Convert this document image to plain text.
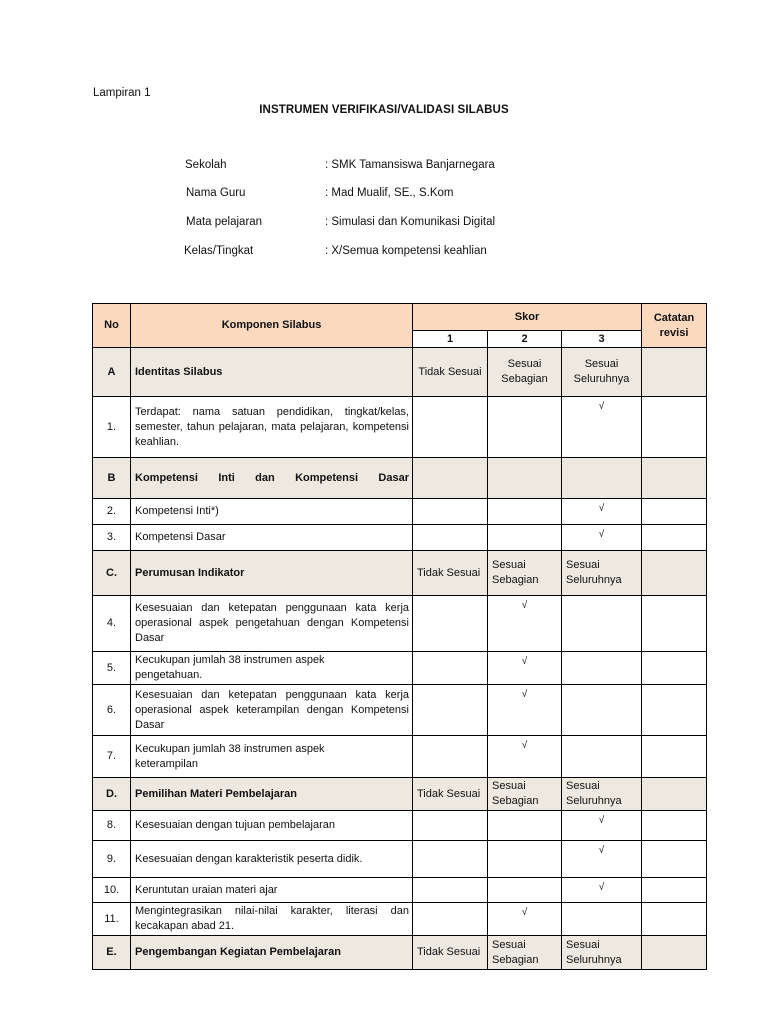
Lampiran 1
INSTRUMEN VERIFIKASI/VALIDASI SILABUS
Sekolah	: SMK Tamansiswa Banjarnegara
Nama Guru	: Mad Mualif, SE., S.Kom
Mata pelajaran	: Simulasi dan Komunikasi Digital
Kelas/Tingkat	: X/Semua kompetensi keahlian
No	Komponen Silabus	Skor			Catatan revisi
		1	2	3	
A	Identitas Silabus	Tidak Sesuai	Sesuai Sebagian	Sesuai Seluruhnya	
1.	Terdapat: nama satuan pendidikan, tingkat/kelas, semester, tahun pelajaran, mata pelajaran, kompetensi keahlian.			√	
B	Kompetensi Inti dan Kompetensi Dasar				
2.	Kompetensi Inti*)			√	
3.	Kompetensi Dasar			√	
C.	Perumusan Indikator	Tidak Sesuai	Sesuai Sebagian	Sesuai Seluruhnya	
4.	Kesesuaian dan ketepatan penggunaan kata kerja operasional aspek pengetahuan dengan Kompetensi Dasar		√		
5.	Kecukupan jumlah 38 instrumen aspek pengetahuan.		√		
6.	Kesesuaian dan ketepatan penggunaan kata kerja operasional aspek keterampilan dengan Kompetensi Dasar		√		
7.	Kecukupan jumlah 38 instrumen aspek keterampilan		√		
D.	Pemilihan Materi Pembelajaran	Tidak Sesuai	Sesuai Sebagian	Sesuai Seluruhnya	
8.	Kesesuaian dengan tujuan pembelajaran			√	
9.	Kesesuaian dengan karakteristik peserta didik.			√	
10.	Keruntutan uraian materi ajar			√	
11.	Mengintegrasikan nilai-nilai karakter, literasi dan kecakapan abad 21.		√		
E.	Pengembangan Kegiatan Pembelajaran	Tidak Sesuai	Sesuai Sebagian	Sesuai Seluruhnya	
